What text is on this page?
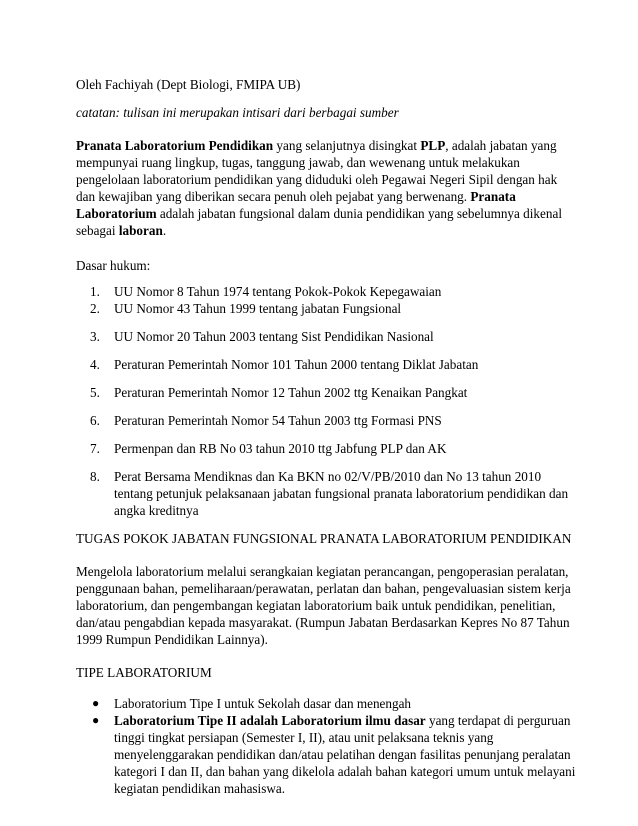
Oleh Fachiyah (Dept Biologi, FMIPA UB)

catatan: tulisan ini merupakan intisari dari berbagai sumber

Pranata Laboratorium Pendidikan yang selanjutnya disingkat PLP, adalah jabatan yang mempunyai ruang lingkup, tugas, tanggung jawab, dan wewenang untuk melakukan pengelolaan laboratorium pendidikan yang diduduki oleh Pegawai Negeri Sipil dengan hak dan kewajiban yang diberikan secara penuh oleh pejabat yang berwenang. Pranata Laboratorium adalah jabatan fungsional dalam dunia pendidikan yang sebelumnya dikenal sebagai laboran.

Dasar hukum:

1. UU Nomor 8 Tahun 1974 tentang Pokok-Pokok Kepegawaian
2. UU Nomor 43 Tahun 1999 tentang jabatan Fungsional
3. UU Nomor 20 Tahun 2003 tentang Sist Pendidikan Nasional
4. Peraturan Pemerintah Nomor 101 Tahun 2000 tentang Diklat Jabatan
5. Peraturan Pemerintah Nomor 12 Tahun 2002 ttg Kenaikan Pangkat
6. Peraturan Pemerintah Nomor 54 Tahun 2003 ttg Formasi PNS
7. Permenpan dan RB No 03 tahun 2010 ttg Jabfung PLP dan AK
8. Perat Bersama Mendiknas dan Ka BKN no 02/V/PB/2010 dan No 13 tahun 2010 tentang petunjuk pelaksanaan jabatan fungsional pranata laboratorium pendidikan dan angka kreditnya

TUGAS POKOK JABATAN FUNGSIONAL PRANATA LABORATORIUM PENDIDIKAN

Mengelola laboratorium melalui serangkaian kegiatan perancangan, pengoperasian peralatan, penggunaan bahan, pemeliharaan/perawatan, perlatan dan bahan, pengevaluasian sistem kerja laboratorium, dan pengembangan kegiatan laboratorium baik untuk pendidikan, penelitian, dan/atau pengabdian kepada masyarakat. (Rumpun Jabatan Berdasarkan Kepres No 87 Tahun 1999 Rumpun Pendidikan Lainnya).

TIPE LABORATORIUM

● Laboratorium Tipe I untuk Sekolah dasar dan menengah
● Laboratorium Tipe II adalah Laboratorium ilmu dasar yang terdapat di perguruan tinggi tingkat persiapan (Semester I, II), atau unit pelaksana teknis yang menyelenggarakan pendidikan dan/atau pelatihan dengan fasilitas penunjang peralatan kategori I dan II, dan bahan yang dikelola adalah bahan kategori umum untuk melayani kegiatan pendidikan mahasiswa.
